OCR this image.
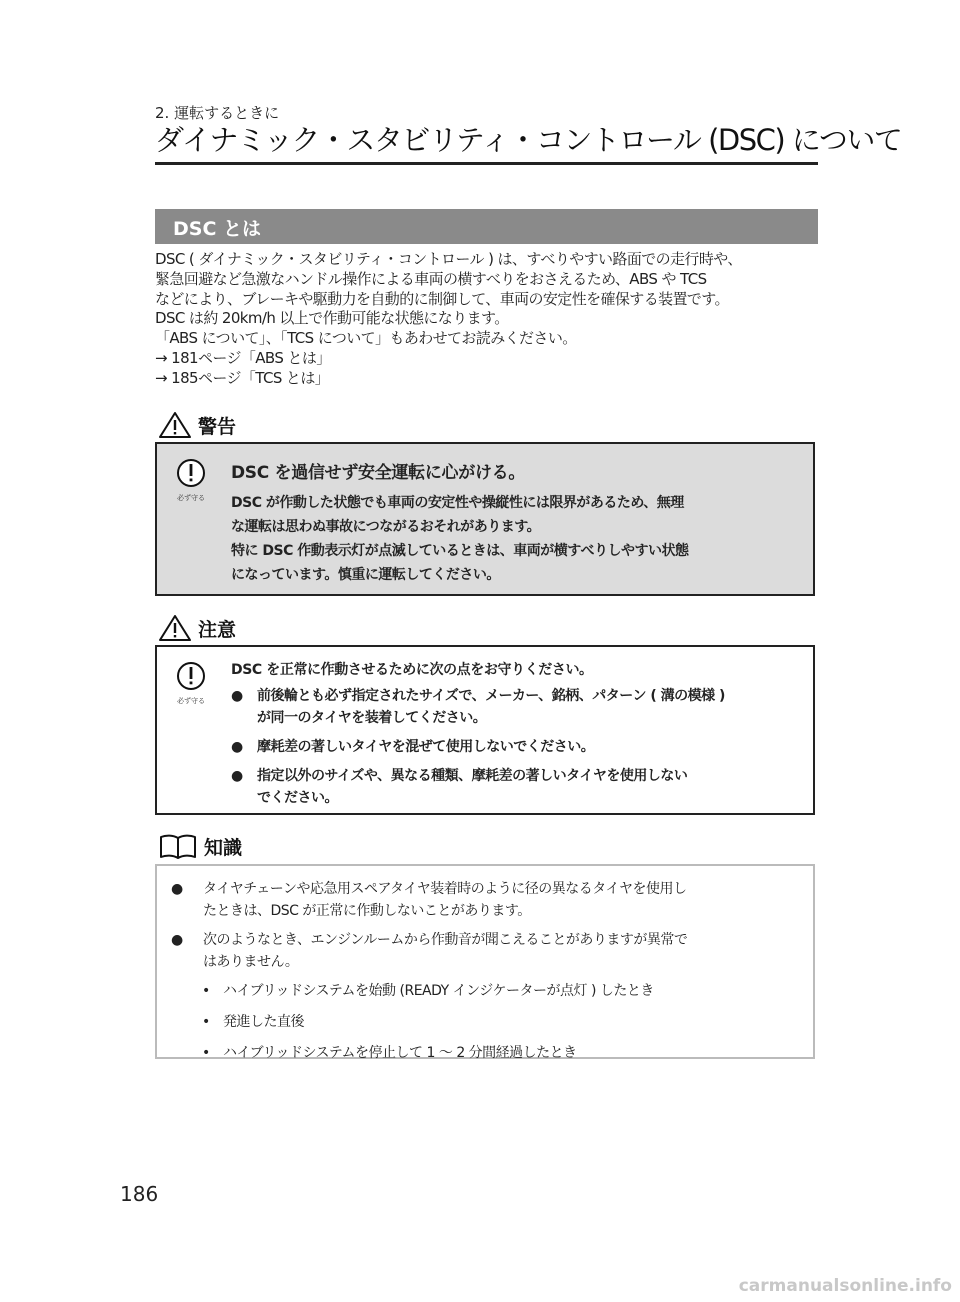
2. 運転するときに
ダイナミック・スタビリティ・コントロール (DSC) について
DSC とは

DSC ( ダイナミック・スタビリティ・コントロール ) は、すべりやすい路面での走行時や、

緊急回避など急激なハンドル操作による車両の横すべりをおさえるため、ABS や TCS

などにより、ブレーキや駆動力を自動的に制御して、車両の安定性を確保する装置です。

DSC は約 20km/h 以上で作動可能な状態になります。

「ABS について」、「TCS について」もあわせてお読みください。

→ 181ページ「ABS とは」

→ 185ページ「TCS とは」

警告
必ず守る

DSC を過信せず安全運転に心がける。

DSC が作動した状態でも車両の安定性や操縦性には限界があるため、無理

な運転は思わぬ事故につながるおそれがあります。

特に DSC 作動表示灯が点滅しているときは、車両が横すべりしやすい状態

になっています。慎重に運転してください。

注意
必ず守る

DSC を正常に作動させるために次の点をお守りください。

●	前後輪とも必ず指定されたサイズで、メーカー、銘柄、パターン ( 溝の模様 )
が同一のタイヤを装着してください。
●	摩耗差の著しいタイヤを混ぜて使用しないでください。
●	指定以外のサイズや、異なる種類、摩耗差の著しいタイヤを使用しない
でください。
知識
●	タイヤチェーンや応急用スペアタイヤ装着時のように径の異なるタイヤを使用し
たときは、DSC が正常に作動しないことがあります。
●	次のようなとき、エンジンルームから作動音が聞こえることがありますが異常で
はありません。
• ハイブリッドシステムを始動 (READY インジケーターが点灯 ) したとき
• 発進した直後
• ハイブリッドシステムを停止して 1 ～ 2 分間経過したとき
186
carmanualsonline.info
